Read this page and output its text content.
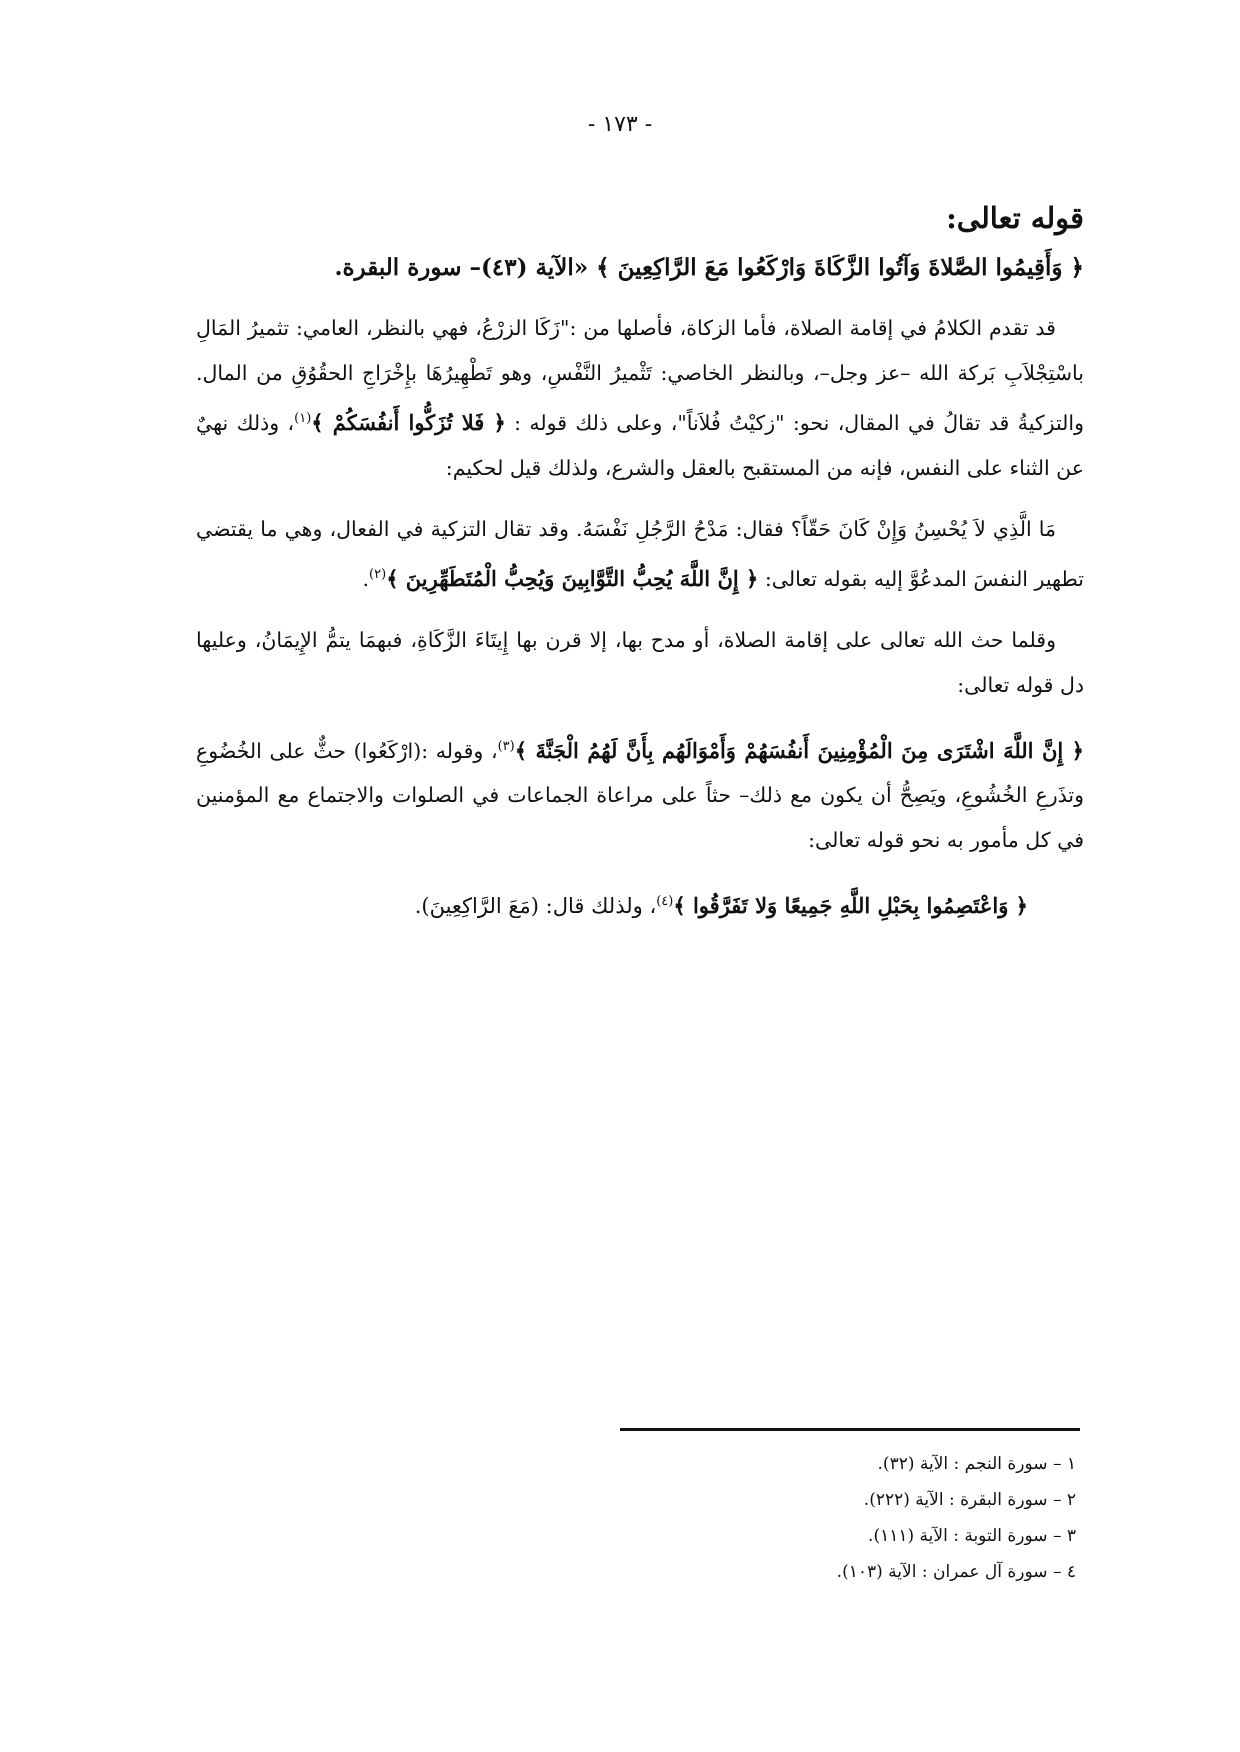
- ١٧٣ -
قوله تعالى:
﴿ وَأَقِيمُوا الصَّلاةَ وَآتُوا الزَّكَاةَ وَارْكَعُوا مَعَ الرَّاكِعِينَ ﴾ «الآية (٤٣)– سورة البقرة.

قد تقدم الكلامُ في إقامة الصلاة، فأما الزكاة، فأصلها من :"زَكَا الزرْعُ، فهي بالنظر، العامي: تثميرُ المَالِ باسْتِجْلاَبِ بَركة الله –عز وجل–، وبالنظر الخاصي: تَثْميرُ النَّفْسِ، وهو تَطْهِيرُهَا بإِخْرَاجِ الحقُوُقِ من المال. والتزكيةُ قد تقالُ في المقال، نحو: "زكيْتُ فُلاَناً"، وعلى ذلك قوله : ﴿ فَلا تُزَكُّوا أَنفُسَكُمْ ﴾$^{(١)}$، وذلك نهيٌ عن الثناء على النفس، فإنه من المستقبح بالعقل والشرع، ولذلك قيل لحكيم:

مَا الَّذِي لاَ يُحْسِنُ وَإِنْ كَانَ حَقّاً؟ فقال: مَدْحُ الرَّجُلِ نَفْسَهُ. وقد تقال التزكية في الفعال، وهي ما يقتضي تطهير النفسَ المدعُوَّ إليه بقوله تعالى: ﴿ إِنَّ اللَّهَ يُحِبُّ التَّوَّابِينَ وَيُحِبُّ الْمُتَطَهِّرِينَ ﴾$^{(٢)}$.

وقلما حث الله تعالى على إقامة الصلاة، أو مدح بها، إلا قرن بها إِيتَاءَ الزَّكَاةِ، فبهمَا يتمُّ الإِيمَانُ، وعليها دل قوله تعالى:

﴿ إِنَّ اللَّهَ اشْتَرَى مِنَ الْمُؤْمِنِينَ أَنفُسَهُمْ وَأَمْوَالَهُم بِأَنَّ لَهُمُ الْجَنَّةَ ﴾$^{(٣)}$، وقوله :(ارْكَعُوا) حثٌّ على الخُضُوعِ وتذَرعِ الخُشُوعِ، ويَصِحُّ أن يكون مع ذلك– حثاً على مراعاة الجماعات في الصلوات والاجتماع مع المؤمنين في كل مأمور به نحو قوله تعالى:

﴿ وَاعْتَصِمُوا بِحَبْلِ اللَّهِ جَمِيعًا وَلا تَفَرَّقُوا ﴾$^{(٤)}$، ولذلك قال: (مَعَ الرَّاكِعِينَ).

١ – سورة النجم : الآية (٣٢).
٢ – سورة البقرة : الآية (٢٢٢).
٣ – سورة التوبة : الآية (١١١).
٤ – سورة آل عمران : الآية (١٠٣).
